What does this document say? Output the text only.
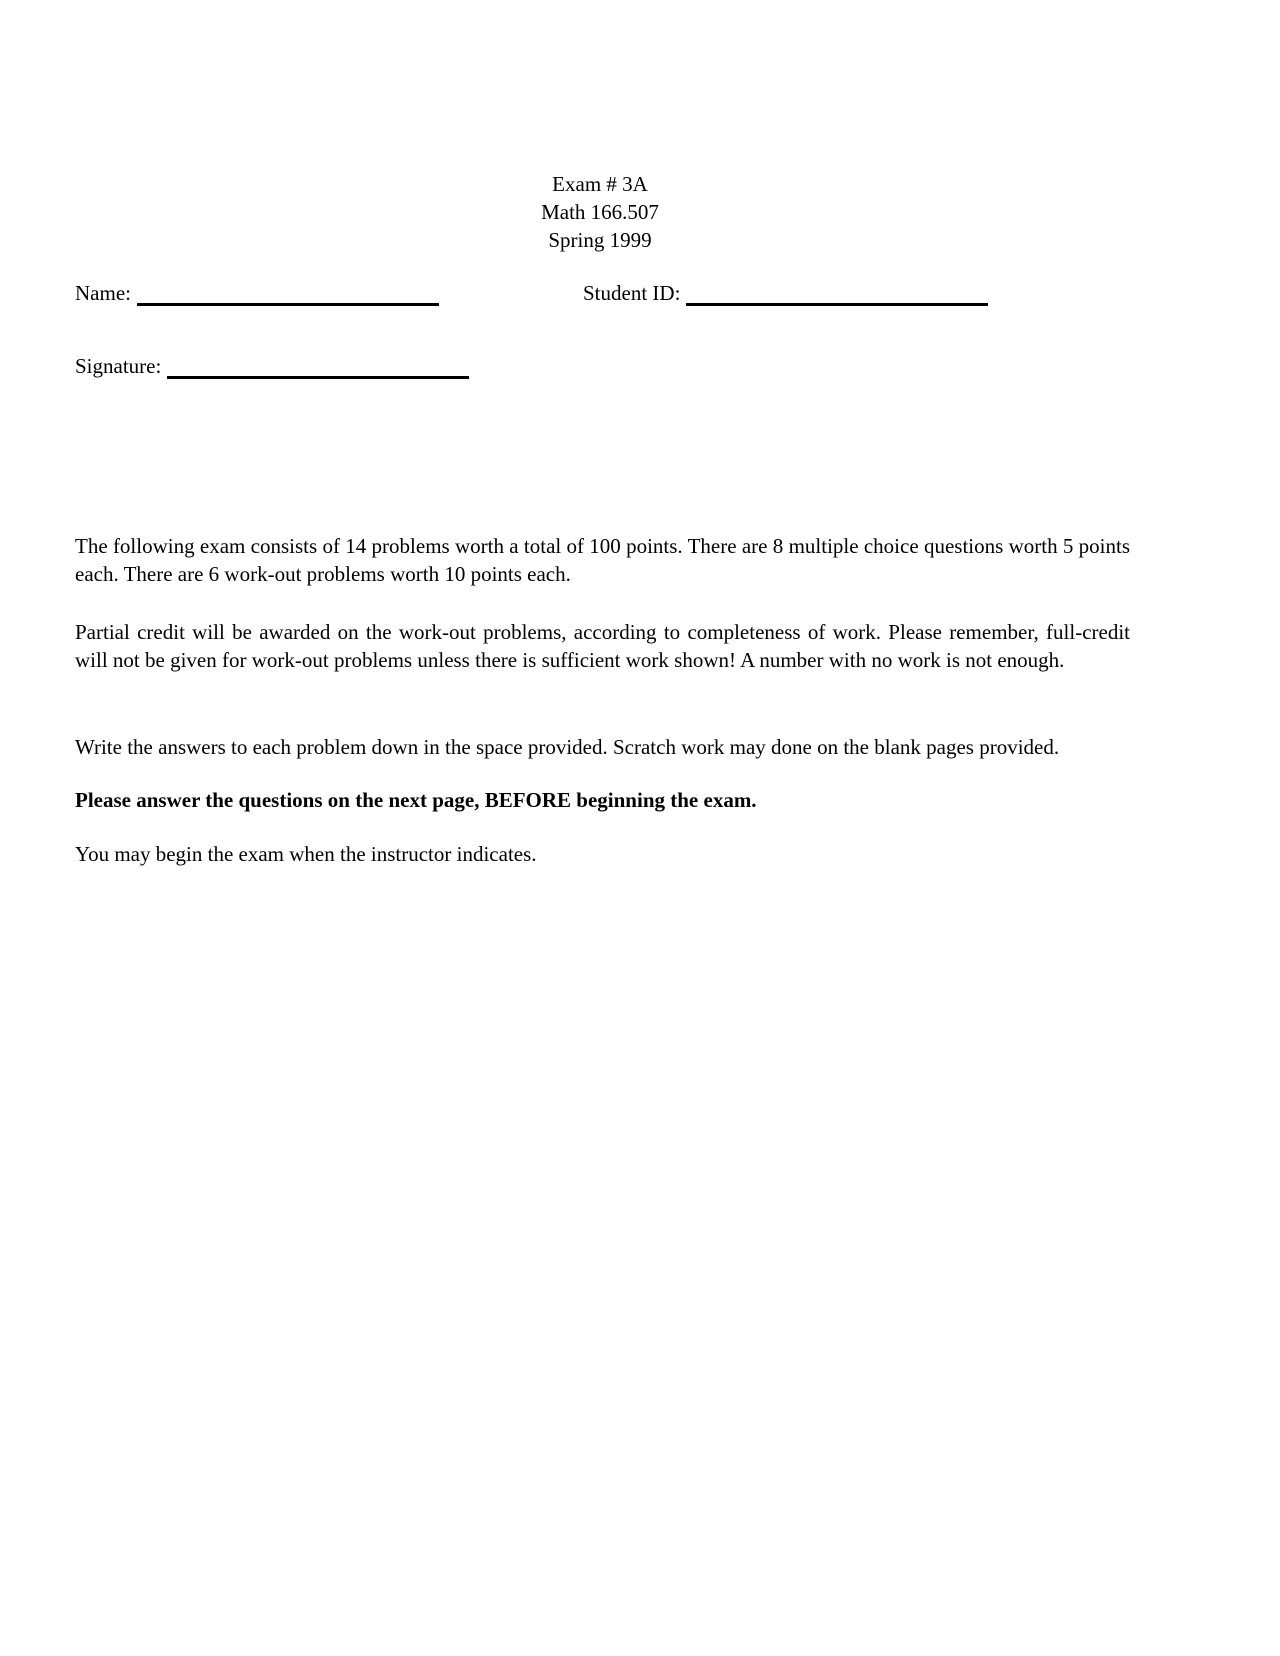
Exam # 3A
Math 166.507
Spring 1999
Name:	Student ID:
Signature:

The following exam consists of 14 problems worth a total of 100 points. There are 8 multiple choice questions worth 5 points each. There are 6 work-out problems worth 10 points each.

Partial credit will be awarded on the work-out problems, according to completeness of work. Please remember, full-credit will not be given for work-out problems unless there is sufficient work shown! A number with no work is not enough.

Write the answers to each problem down in the space provided. Scratch work may done on the blank pages provided.

Please answer the questions on the next page, BEFORE beginning the exam.

You may begin the exam when the instructor indicates.
